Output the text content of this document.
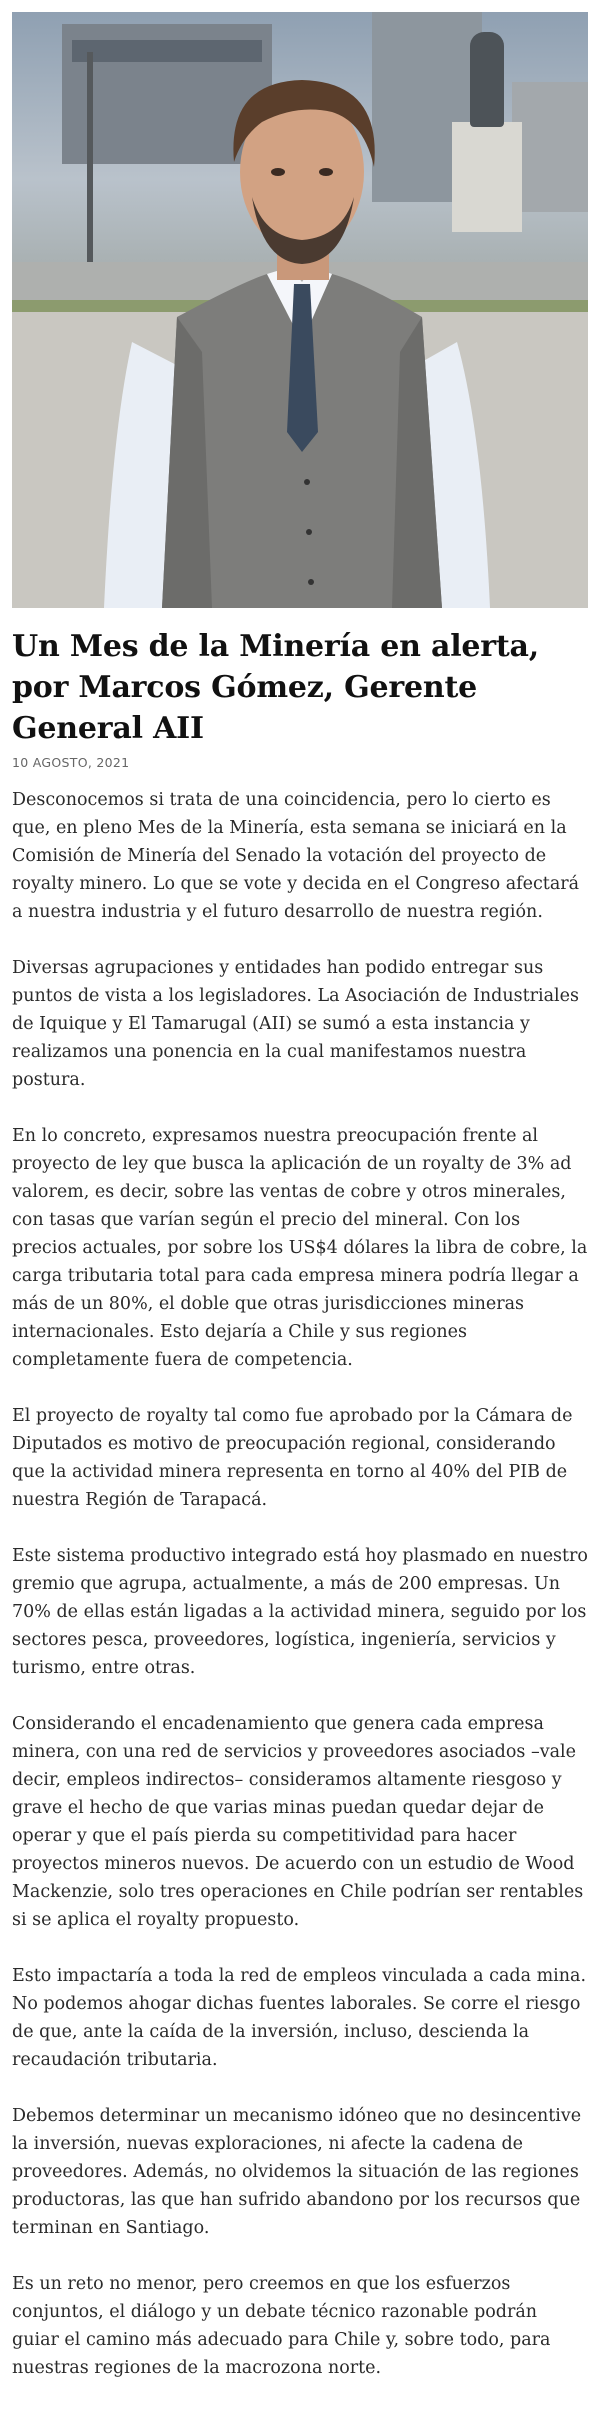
Un Mes de la Minería en alerta, por Marcos Gómez, Gerente General AII
10 AGOSTO, 2021

Desconocemos si trata de una coincidencia, pero lo cierto es que, en pleno Mes de la Minería, esta semana se iniciará en la Comisión de Minería del Senado la votación del proyecto de royalty minero. Lo que se vote y decida en el Congreso afectará a nuestra industria y el futuro desarrollo de nuestra región.

Diversas agrupaciones y entidades han podido entregar sus puntos de vista a los legisladores. La Asociación de Industriales de Iquique y El Tamarugal (AII) se sumó a esta instancia y realizamos una ponencia en la cual manifestamos nuestra postura.

En lo concreto, expresamos nuestra preocupación frente al proyecto de ley que busca la aplicación de un royalty de 3% ad valorem, es decir, sobre las ventas de cobre y otros minerales, con tasas que varían según el precio del mineral. Con los precios actuales, por sobre los US$4 dólares la libra de cobre, la carga tributaria total para cada empresa minera podría llegar a más de un 80%, el doble que otras jurisdicciones mineras internacionales. Esto dejaría a Chile y sus regiones completamente fuera de competencia.

El proyecto de royalty tal como fue aprobado por la Cámara de Diputados es motivo de preocupación regional, considerando que la actividad minera representa en torno al 40% del PIB de nuestra Región de Tarapacá.

Este sistema productivo integrado está hoy plasmado en nuestro gremio que agrupa, actualmente, a más de 200 empresas. Un 70% de ellas están ligadas a la actividad minera, seguido por los sectores pesca, proveedores, logística, ingeniería, servicios y turismo, entre otras.

Considerando el encadenamiento que genera cada empresa minera, con una red de servicios y proveedores asociados –vale decir, empleos indirectos– consideramos altamente riesgoso y grave el hecho de que varias minas puedan quedar dejar de operar y que el país pierda su competitividad para hacer proyectos mineros nuevos. De acuerdo con un estudio de Wood Mackenzie, solo tres operaciones en Chile podrían ser rentables si se aplica el royalty propuesto.

Esto impactaría a toda la red de empleos vinculada a cada mina. No podemos ahogar dichas fuentes laborales. Se corre el riesgo de que, ante la caída de la inversión, incluso, descienda la recaudación tributaria.

Debemos determinar un mecanismo idóneo que no desincentive la inversión, nuevas exploraciones, ni afecte la cadena de proveedores. Además, no olvidemos la situación de las regiones productoras, las que han sufrido abandono por los recursos que terminan en Santiago.

Es un reto no menor, pero creemos en que los esfuerzos conjuntos, el diálogo y un debate técnico razonable podrán guiar el camino más adecuado para Chile y, sobre todo, para nuestras regiones de la macrozona norte.
